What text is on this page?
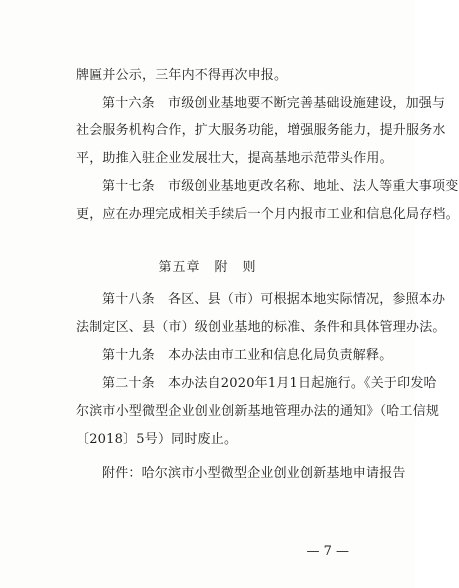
牌匾并公示，三年内不得再次申报。
第十六条　市级创业基地要不断完善基础设施建设，加强与
社会服务机构合作，扩大服务功能，增强服务能力，提升服务水
平，助推入驻企业发展壮大，提高基地示范带头作用。
第十七条　市级创业基地更改名称、地址、法人等重大事项变
更，应在办理完成相关手续后一个月内报市工业和信息化局存档。
第五章　附　则
第十八条　各区、县（市）可根据本地实际情况，参照本办
法制定区、县（市）级创业基地的标准、条件和具体管理办法。
第十九条　本办法由市工业和信息化局负责解释。
第二十条　本办法自2020年1月1日起施行。《关于印发哈
尔滨市小型微型企业创业创新基地管理办法的通知》（哈工信规
〔2018〕5号）同时废止。
附件：哈尔滨市小型微型企业创业创新基地申请报告
— 7 —
